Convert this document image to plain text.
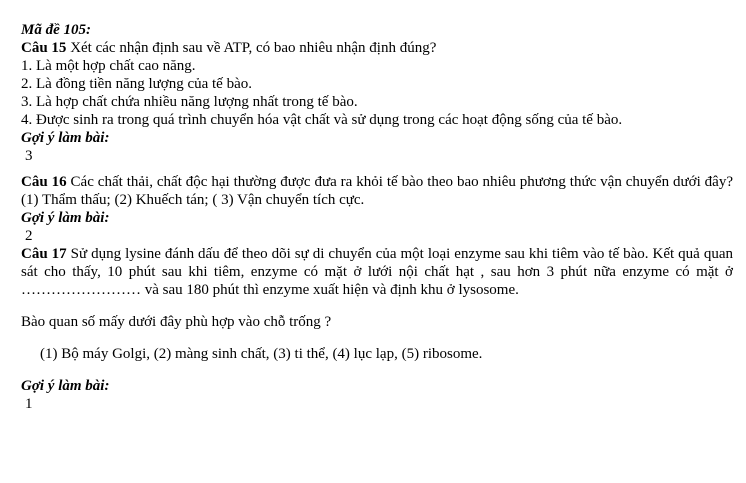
Mã đề 105:
Câu 15 Xét các nhận định sau về ATP, có bao nhiêu nhận định đúng?
1. Là một hợp chất cao năng.
2. Là đồng tiền năng lượng của tế bào.
3. Là hợp chất chứa nhiều năng lượng nhất trong tế bào.
4. Được sinh ra trong quá trình chuyển hóa vật chất và sử dụng trong các hoạt động sống của tế bào.
Gợi ý làm bài:
3
Câu 16 Các chất thải, chất độc hại thường được đưa ra khỏi tế bào theo bao nhiêu phương thức vận chuyển dưới đây? (1) Thẩm thấu; (2) Khuếch tán; ( 3) Vận chuyển tích cực.
Gợi ý làm bài:
2
Câu 17 Sử dụng lysine đánh dấu để theo dõi sự di chuyển của một loại enzyme sau khi tiêm vào tế bào. Kết quả quan sát cho thấy, 10 phút sau khi tiêm, enzyme có mặt ở lưới nội chất hạt , sau hơn 3 phút nữa enzyme có mặt ở …………………… và sau 180 phút thì enzyme xuất hiện và định khu ở lysosome.
Bào quan số mấy dưới đây phù hợp vào chỗ trống ?
(1) Bộ máy Golgi, (2) màng sinh chất, (3) ti thể, (4) lục lạp, (5) ribosome.
Gợi ý làm bài:
1
